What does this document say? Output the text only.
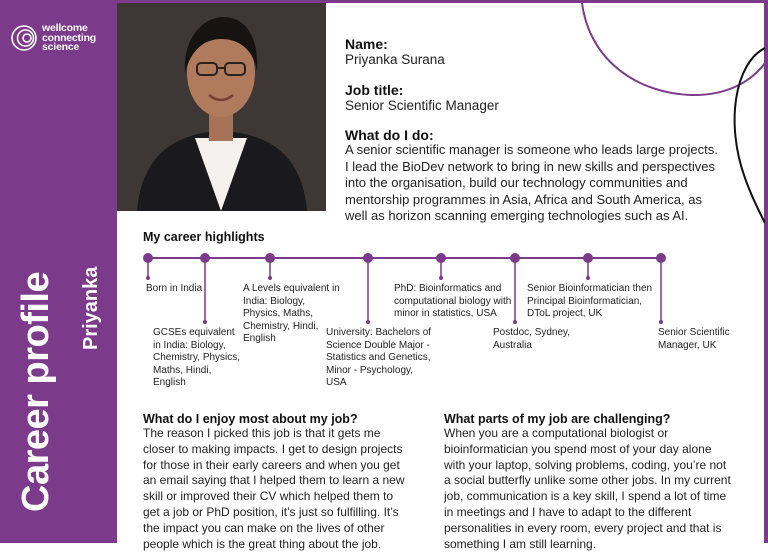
wellcome
connecting
science
Career profile Priyanka
Name:
Priyanka Surana
Job title:
Senior Scientific Manager
What do I do:
A senior scientific manager is someone who leads large projects. I lead the BioDev network to bring in new skills and perspectives into the organisation, build our technology communities and mentorship programmes in Asia, Africa and South America, as well as horizon scanning emerging technologies such as AI.
My career highlights
Born in India
GCSEs equivalent in India: Biology, Chemistry, Physics, Maths, Hindi, English
A Levels equivalent in India: Biology, Physics, Maths, Chemistry, Hindi, English
University: Bachelors of Science Double Major - Statistics and Genetics, Minor - Psychology, USA
PhD: Bioinformatics and computational biology with minor in statistics, USA
Postdoc, Sydney, Australia
Senior Bioinformatician then Principal Bioinformatician, DToL project, UK
Senior Scientific Manager, UK
What do I enjoy most about my job?
The reason I picked this job is that it gets me closer to making impacts. I get to design projects for those in their early careers and when you get an email saying that I helped them to learn a new skill or improved their CV which helped them to get a job or PhD position, it’s just so fulfilling. It’s the impact you can make on the lives of other people which is the great thing about the job.
What parts of my job are challenging?
When you are a computational biologist or bioinformatician you spend most of your day alone with your laptop, solving problems, coding, you’re not a social butterfly unlike some other jobs. In my current job, communication is a key skill, I spend a lot of time in meetings and I have to adapt to the different personalities in every room, every project and that is something I am still learning.
